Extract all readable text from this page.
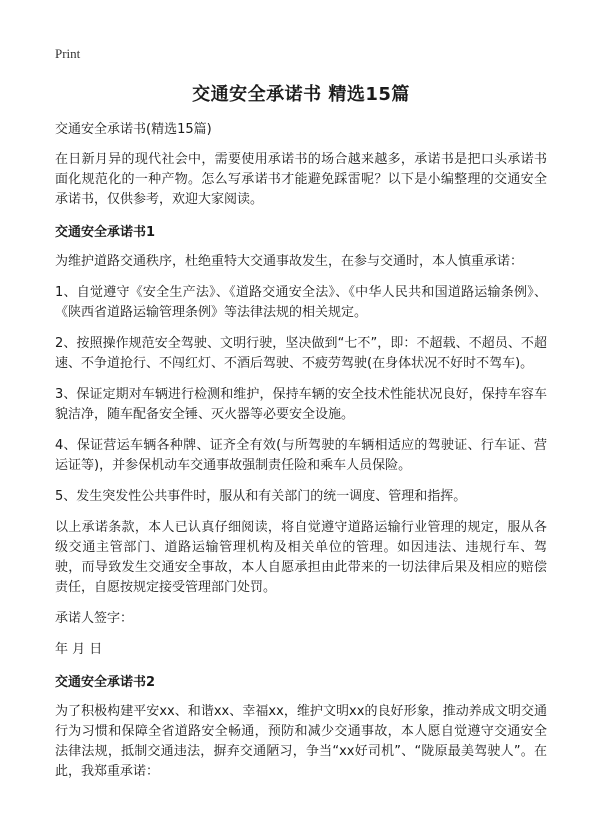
Print
交通安全承诺书 精选15篇
交通安全承诺书(精选15篇)
在日新月异的现代社会中，需要使用承诺书的场合越来越多，承诺书是把口头承诺书面化规范化的一种产物。怎么写承诺书才能避免踩雷呢？以下是小编整理的交通安全承诺书，仅供参考，欢迎大家阅读。
交通安全承诺书1
为维护道路交通秩序，杜绝重特大交通事故发生，在参与交通时，本人慎重承诺：
1、自觉遵守《安全生产法》、《道路交通安全法》、《中华人民共和国道路运输条例》、《陕西省道路运输管理条例》等法律法规的相关规定。
2、按照操作规范安全驾驶、文明行驶，坚决做到“七不”，即：不超载、不超员、不超速、不争道抢行、不闯红灯、不酒后驾驶、不疲劳驾驶(在身体状况不好时不驾车)。
3、保证定期对车辆进行检测和维护，保持车辆的安全技术性能状况良好，保持车容车貌洁净，随车配备安全锤、灭火器等必要安全设施。
4、保证营运车辆各种牌、证齐全有效(与所驾驶的车辆相适应的驾驶证、行车证、营运证等)，并参保机动车交通事故强制责任险和乘车人员保险。
5、发生突发性公共事件时，服从和有关部门的统一调度、管理和指挥。
以上承诺条款，本人已认真仔细阅读，将自觉遵守道路运输行业管理的规定，服从各级交通主管部门、道路运输管理机构及相关单位的管理。如因违法、违规行车、驾驶，而导致发生交通安全事故，本人自愿承担由此带来的一切法律后果及相应的赔偿责任，自愿按规定接受管理部门处罚。
承诺人签字：
年 月 日
交通安全承诺书2
为了积极构建平安xx、和谐xx、幸福xx，维护文明xx的良好形象，推动养成文明交通行为习惯和保障全省道路安全畅通，预防和减少交通事故，本人愿自觉遵守交通安全法律法规，抵制交通违法，摒弃交通陋习，争当“xx好司机”、“陇原最美驾驶人”。在此，我郑重承诺：
